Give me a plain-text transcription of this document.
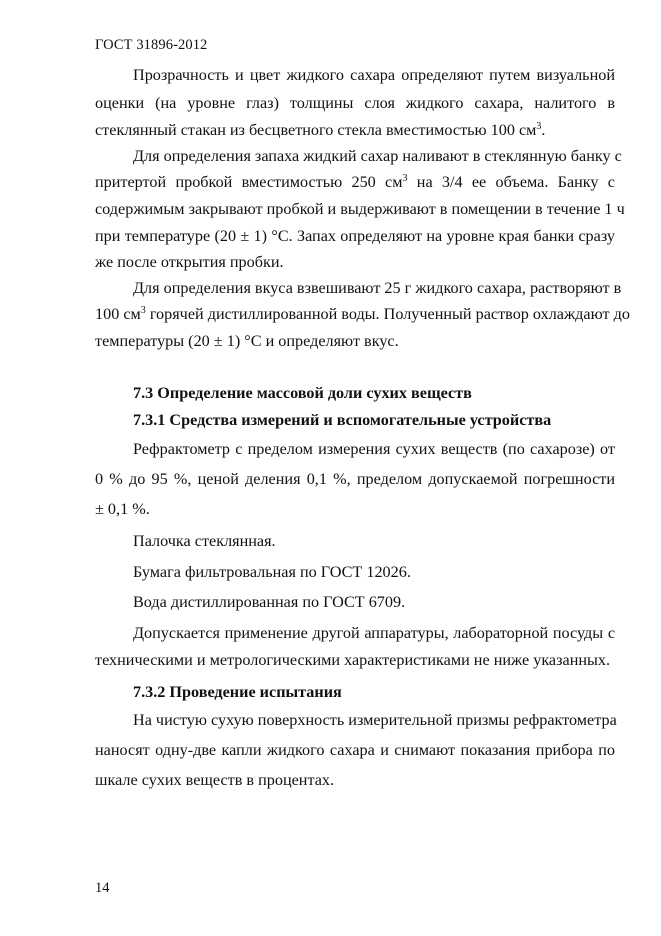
ГОСТ 31896-2012
Прозрачность и цвет жидкого сахара определяют путем визуальной
оценки (на уровне глаз) толщины слоя жидкого сахара, налитого в
стеклянный стакан из бесцветного стекла вместимостью 100 $см^3$.
Для определения запаха жидкий сахар наливают в стеклянную банку с
притертой пробкой вместимостью 250 $см^3$ на 3/4 ее объема. Банку с
содержимым закрывают пробкой и выдерживают в помещении в течение 1 ч
при температуре (20 ± 1) °С. Запах определяют на уровне края банки сразу
же после открытия пробки.
Для определения вкуса взвешивают 25 г жидкого сахара, растворяют в
100 $см^3$ горячей дистиллированной воды. Полученный раствор охлаждают до
температуры (20 ± 1) °С и определяют вкус.
7.3 Определение массовой доли сухих веществ
7.3.1 Средства измерений и вспомогательные устройства
Рефрактометр с пределом измерения сухих веществ (по сахарозе) от
0 % до 95 %, ценой деления 0,1 %, пределом допускаемой погрешности
± 0,1 %.
Палочка стеклянная.
Бумага фильтровальная по ГОСТ 12026.
Вода дистиллированная по ГОСТ 6709.
Допускается применение другой аппаратуры, лабораторной посуды с
техническими и метрологическими характеристиками не ниже указанных.
7.3.2 Проведение испытания
На чистую сухую поверхность измерительной призмы рефрактометра
наносят одну-две капли жидкого сахара и снимают показания прибора по
шкале сухих веществ в процентах.
14
